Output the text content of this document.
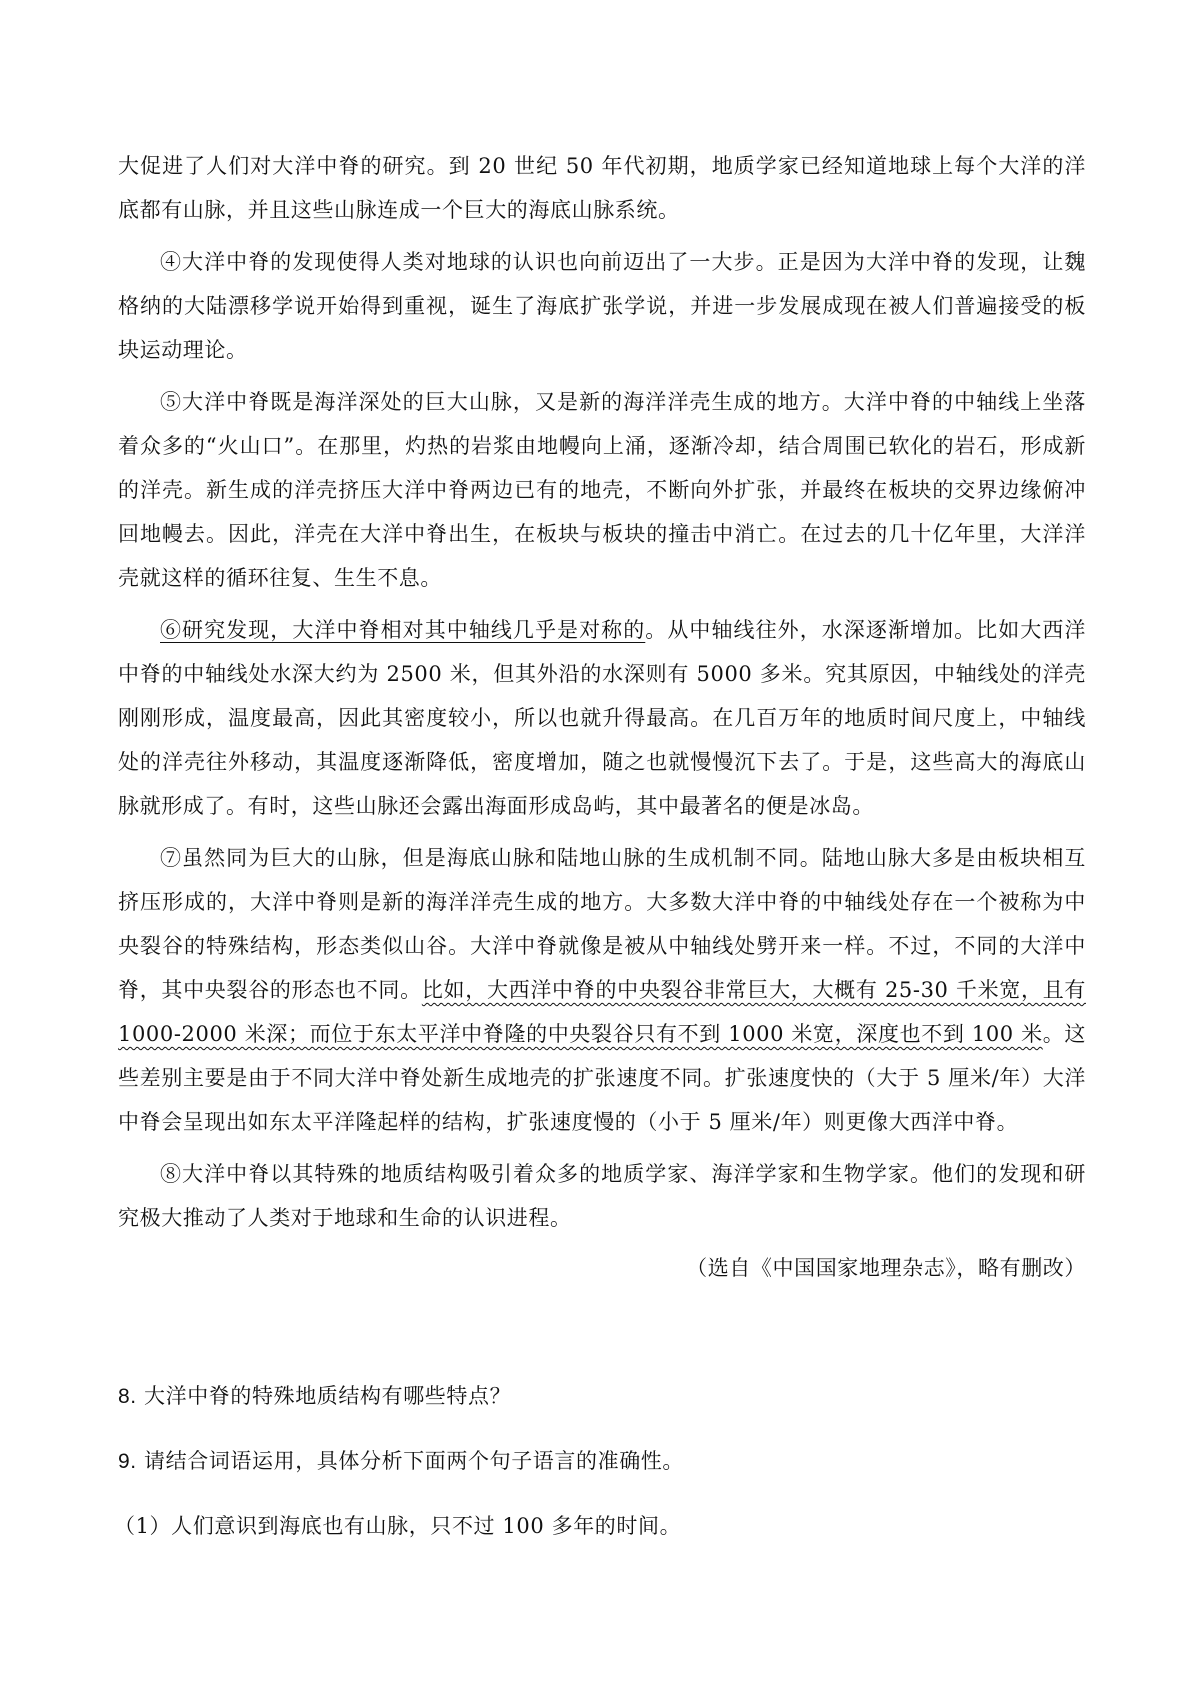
大促进了人们对大洋中脊的研究。到 20 世纪 50 年代初期，地质学家已经知道地球上每个大洋的洋底都有山脉，并且这些山脉连成一个巨大的海底山脉系统。

④大洋中脊的发现使得人类对地球的认识也向前迈出了一大步。正是因为大洋中脊的发现，让魏格纳的大陆漂移学说开始得到重视，诞生了海底扩张学说，并进一步发展成现在被人们普遍接受的板块运动理论。

⑤大洋中脊既是海洋深处的巨大山脉，又是新的海洋洋壳生成的地方。大洋中脊的中轴线上坐落着众多的“火山口”。在那里，灼热的岩浆由地幔向上涌，逐渐冷却，结合周围已软化的岩石，形成新的洋壳。新生成的洋壳挤压大洋中脊两边已有的地壳，不断向外扩张，并最终在板块的交界边缘俯冲回地幔去。因此，洋壳在大洋中脊出生，在板块与板块的撞击中消亡。在过去的几十亿年里，大洋洋壳就这样的循环往复、生生不息。

⑥研究发现，大洋中脊相对其中轴线几乎是对称的。从中轴线往外，水深逐渐增加。比如大西洋中脊的中轴线处水深大约为 2500 米，但其外沿的水深则有 5000 多米。究其原因，中轴线处的洋壳刚刚形成，温度最高，因此其密度较小，所以也就升得最高。在几百万年的地质时间尺度上，中轴线处的洋壳往外移动，其温度逐渐降低，密度增加，随之也就慢慢沉下去了。于是，这些高大的海底山脉就形成了。有时，这些山脉还会露出海面形成岛屿，其中最著名的便是冰岛。

⑦虽然同为巨大的山脉，但是海底山脉和陆地山脉的生成机制不同。陆地山脉大多是由板块相互挤压形成的，大洋中脊则是新的海洋洋壳生成的地方。大多数大洋中脊的中轴线处存在一个被称为中央裂谷的特殊结构，形态类似山谷。大洋中脊就像是被从中轴线处劈开来一样。不过，不同的大洋中脊，其中央裂谷的形态也不同。比如，大西洋中脊的中央裂谷非常巨大，大概有 25-30 千米宽，且有 1000-2000 米深；而位于东太平洋中脊隆的中央裂谷只有不到 1000 米宽，深度也不到 100 米。这些差别主要是由于不同大洋中脊处新生成地壳的扩张速度不同。扩张速度快的（大于 5 厘米/年）大洋中脊会呈现出如东太平洋隆起样的结构，扩张速度慢的（小于 5 厘米/年）则更像大西洋中脊。

⑧大洋中脊以其特殊的地质结构吸引着众多的地质学家、海洋学家和生物学家。他们的发现和研究极大推动了人类对于地球和生命的认识进程。

（选自《中国国家地理杂志》，略有删改）

8. 大洋中脊的特殊地质结构有哪些特点？

9. 请结合词语运用，具体分析下面两个句子语言的准确性。

（1）人们意识到海底也有山脉，只不过 100 多年的时间。
